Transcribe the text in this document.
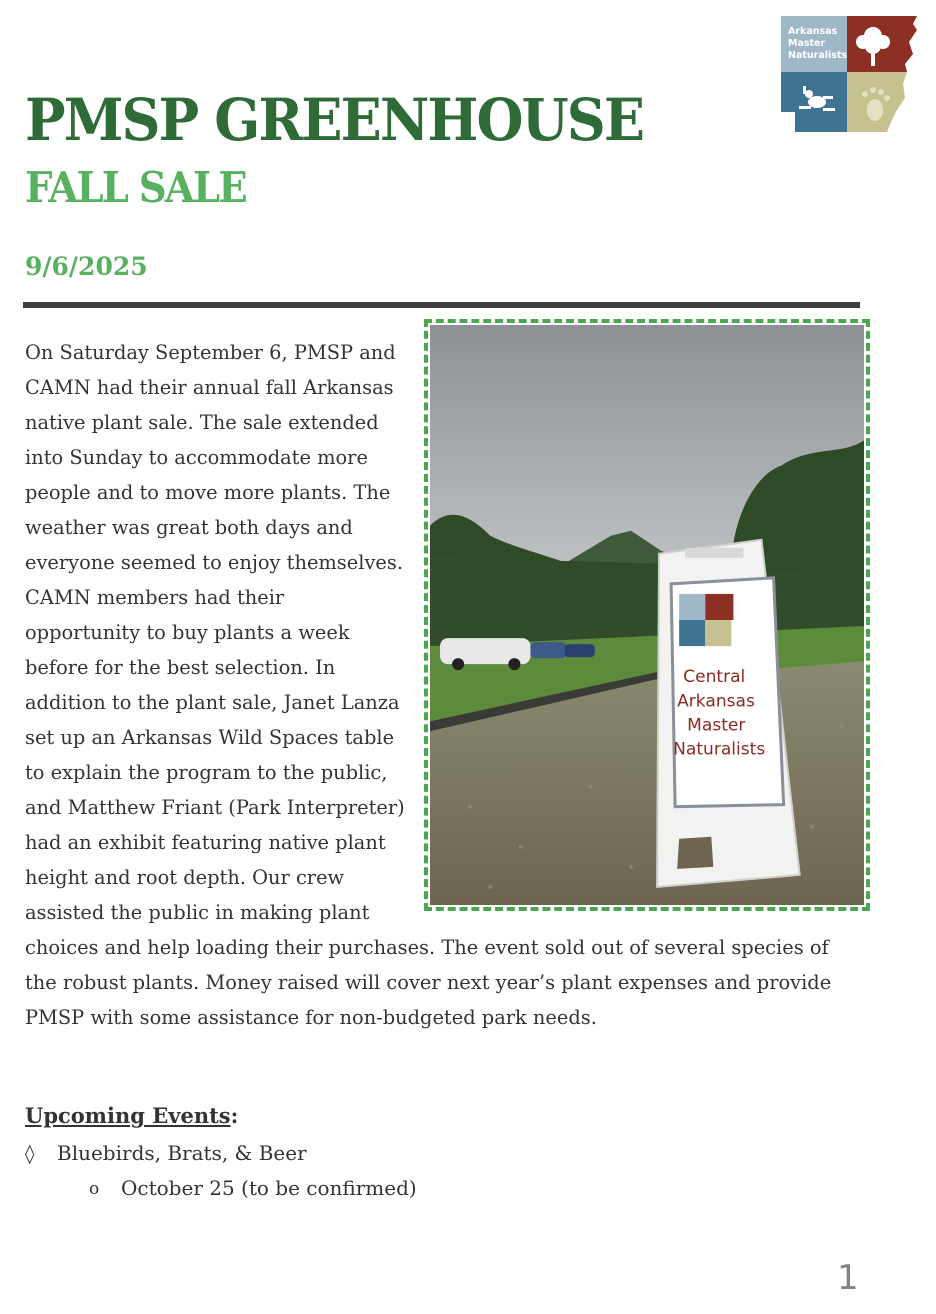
Arkansas
Master
Naturalists
PMSP GREENHOUSE
FALL SALE
9/6/2025
Central
Arkansas
Master
Naturalists
On Saturday September 6, PMSP and CAMN had their annual fall Arkansas native plant sale. The sale extended into Sunday to accommodate more people and to move more plants. The weather was great both days and everyone seemed to enjoy themselves. CAMN members had their opportunity to buy plants a week before for the best selection. In addition to the plant sale, Janet Lanza set up an Arkansas Wild Spaces table to explain the program to the public, and Matthew Friant (Park Interpreter) had an exhibit featuring native plant height and root depth. Our crew assisted the public in making plant choices and help loading their purchases. The event sold out of several species of the robust plants. Money raised will cover next year’s plant expenses and provide PMSP with some assistance for non-budgeted park needs.
Upcoming Events:
◊ Bluebirds, Brats, & Beer
o October 25 (to be confirmed)
1
